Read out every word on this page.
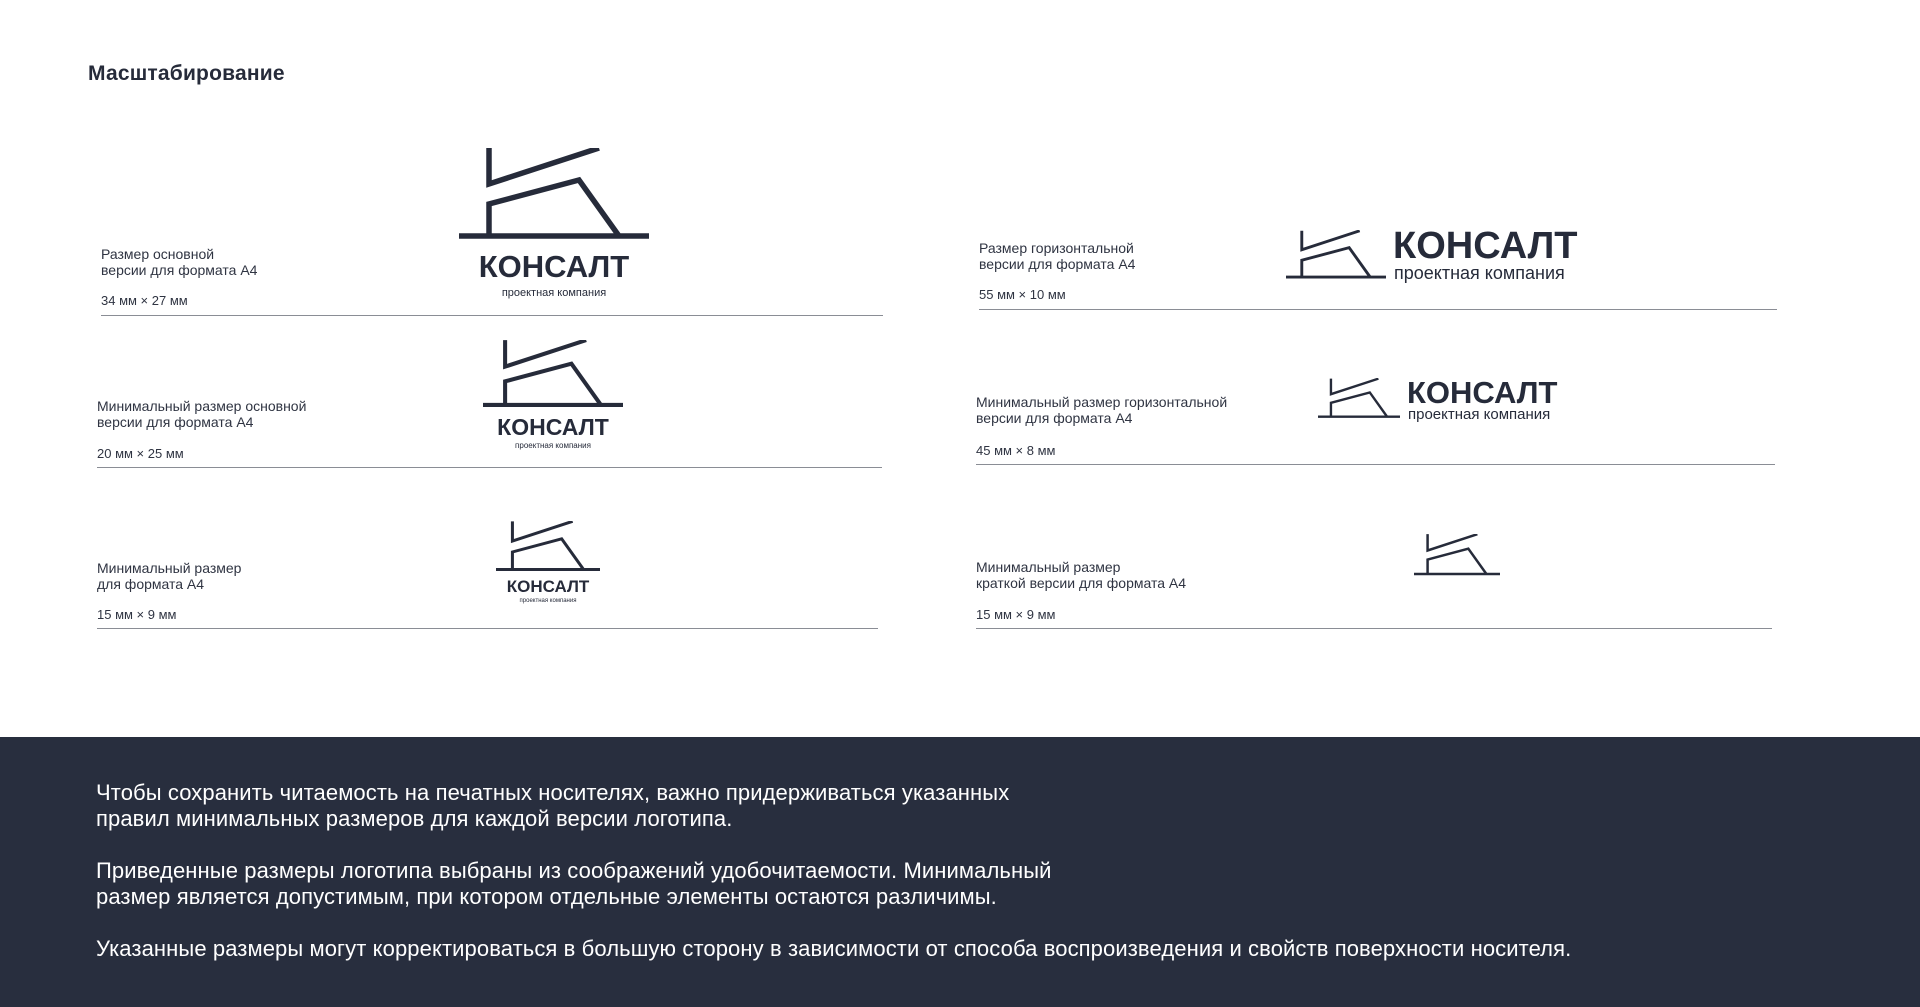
Масштабирование
Размер основной
версии для формата А4
34 мм × 27 мм
КОНСАЛТ
проектная компания
Минимальный размер основной
версии для формата А4
20 мм × 25 мм
КОНСАЛТ
проектная компания
Минимальный размер
для формата А4
15 мм × 9 мм
КОНСАЛТ
проектная компания
Размер горизонтальной
версии для формата А4
55 мм × 10 мм
КОНСАЛТ
проектная компания
Минимальный размер горизонтальной
версии для формата А4
45 мм × 8 мм
КОНСАЛТ
проектная компания
Минимальный размер
краткой версии для формата А4
15 мм × 9 мм

Чтобы сохранить читаемость на печатных носителях, важно придерживаться указанных
правил минимальных размеров для каждой версии логотипа.

Приведенные размеры логотипа выбраны из соображений удобочитаемости. Минимальный
размер является допустимым, при котором отдельные элементы остаются различимы.

Указанные размеры могут корректироваться в большую сторону в зависимости от способа воспроизведения и свойств поверхности носителя.
